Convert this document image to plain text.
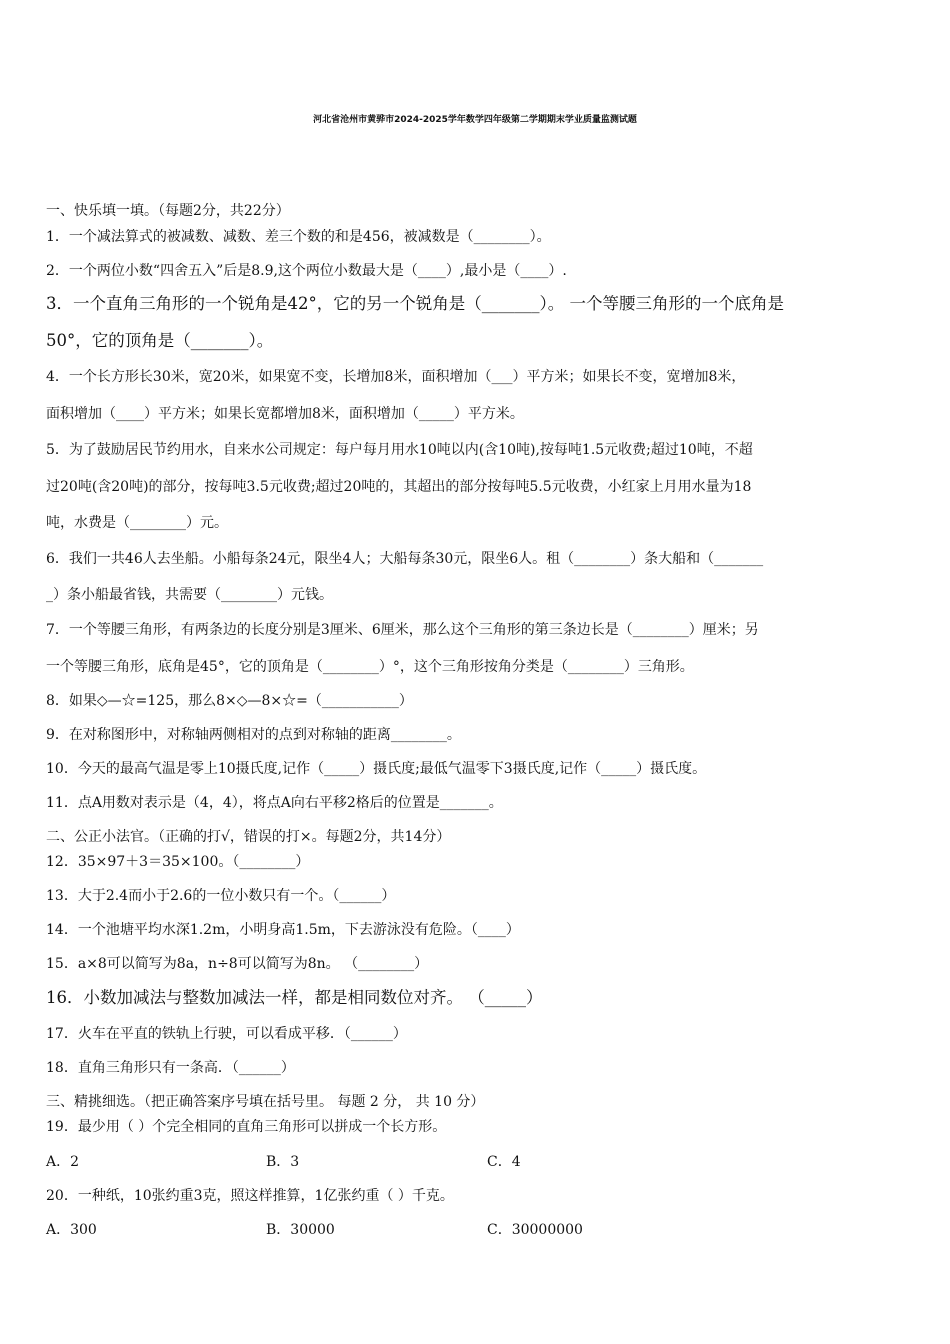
河北省沧州市黄骅市2024-2025学年数学四年级第二学期期末学业质量监测试题
一、快乐填一填。（每题2分，共22分）
1．一个减法算式的被减数、减数、差三个数的和是456，被减数是（________）。
2．一个两位小数“四舍五入”后是8.9,这个两位小数最大是（____）,最小是（____）.
3．一个直角三角形的一个锐角是42°，它的另一个锐角是（_______）。 一个等腰三角形的一个底角是
50°，它的顶角是（_______）。
4．一个长方形长30米，宽20米，如果宽不变，长增加8米，面积增加（___）平方米；如果长不变，宽增加8米，
面积增加（____）平方米；如果长宽都增加8米，面积增加（_____）平方米。
5．为了鼓励居民节约用水，自来水公司规定：每户每月用水10吨以内(含10吨),按每吨1.5元收费;超过10吨，不超
过20吨(含20吨)的部分，按每吨3.5元收费;超过20吨的，其超出的部分按每吨5.5元收费，小红家上月用水量为18
吨，水费是（________）元。
6．我们一共46人去坐船。小船每条24元，限坐4人；大船每条30元，限坐6人。租（________）条大船和（_______
_）条小船最省钱，共需要（________）元钱。
7．一个等腰三角形，有两条边的长度分别是3厘米、6厘米，那么这个三角形的第三条边长是（________）厘米；另
一个等腰三角形，底角是45°，它的顶角是（________）°，这个三角形按角分类是（________）三角形。
8．如果◇—☆=125，那么8×◇—8×☆=（___________）
9．在对称图形中，对称轴两侧相对的点到对称轴的距离________。
10．今天的最高气温是零上10摄氏度,记作（_____）摄氏度;最低气温零下3摄氏度,记作（_____）摄氏度。
11．点A用数对表示是（4，4），将点A向右平移2格后的位置是_______。
二、公正小法官。（正确的打√，错误的打×。每题2分，共14分）
12．35×97＋3＝35×100。（________）
13．大于2.4而小于2.6的一位小数只有一个。（______）
14．一个池塘平均水深1.2m，小明身高1.5m，下去游泳没有危险。（____）
15．a×8可以简写为8a，n÷8可以简写为8n。 （________）
16．小数加减法与整数加减法一样，都是相同数位对齐。 （_____）
17．火车在平直的铁轨上行驶，可以看成平移．（______）
18．直角三角形只有一条高．（______）
三、精挑细选。（把正确答案序号填在括号里。 每题 2 分， 共 10 分）
19．最少用（ ）个完全相同的直角三角形可以拼成一个长方形。
A．2	B．3	C．4
20．一种纸，10张约重3克，照这样推算，1亿张约重（ ）千克。
A．300	B．30000	C．30000000
